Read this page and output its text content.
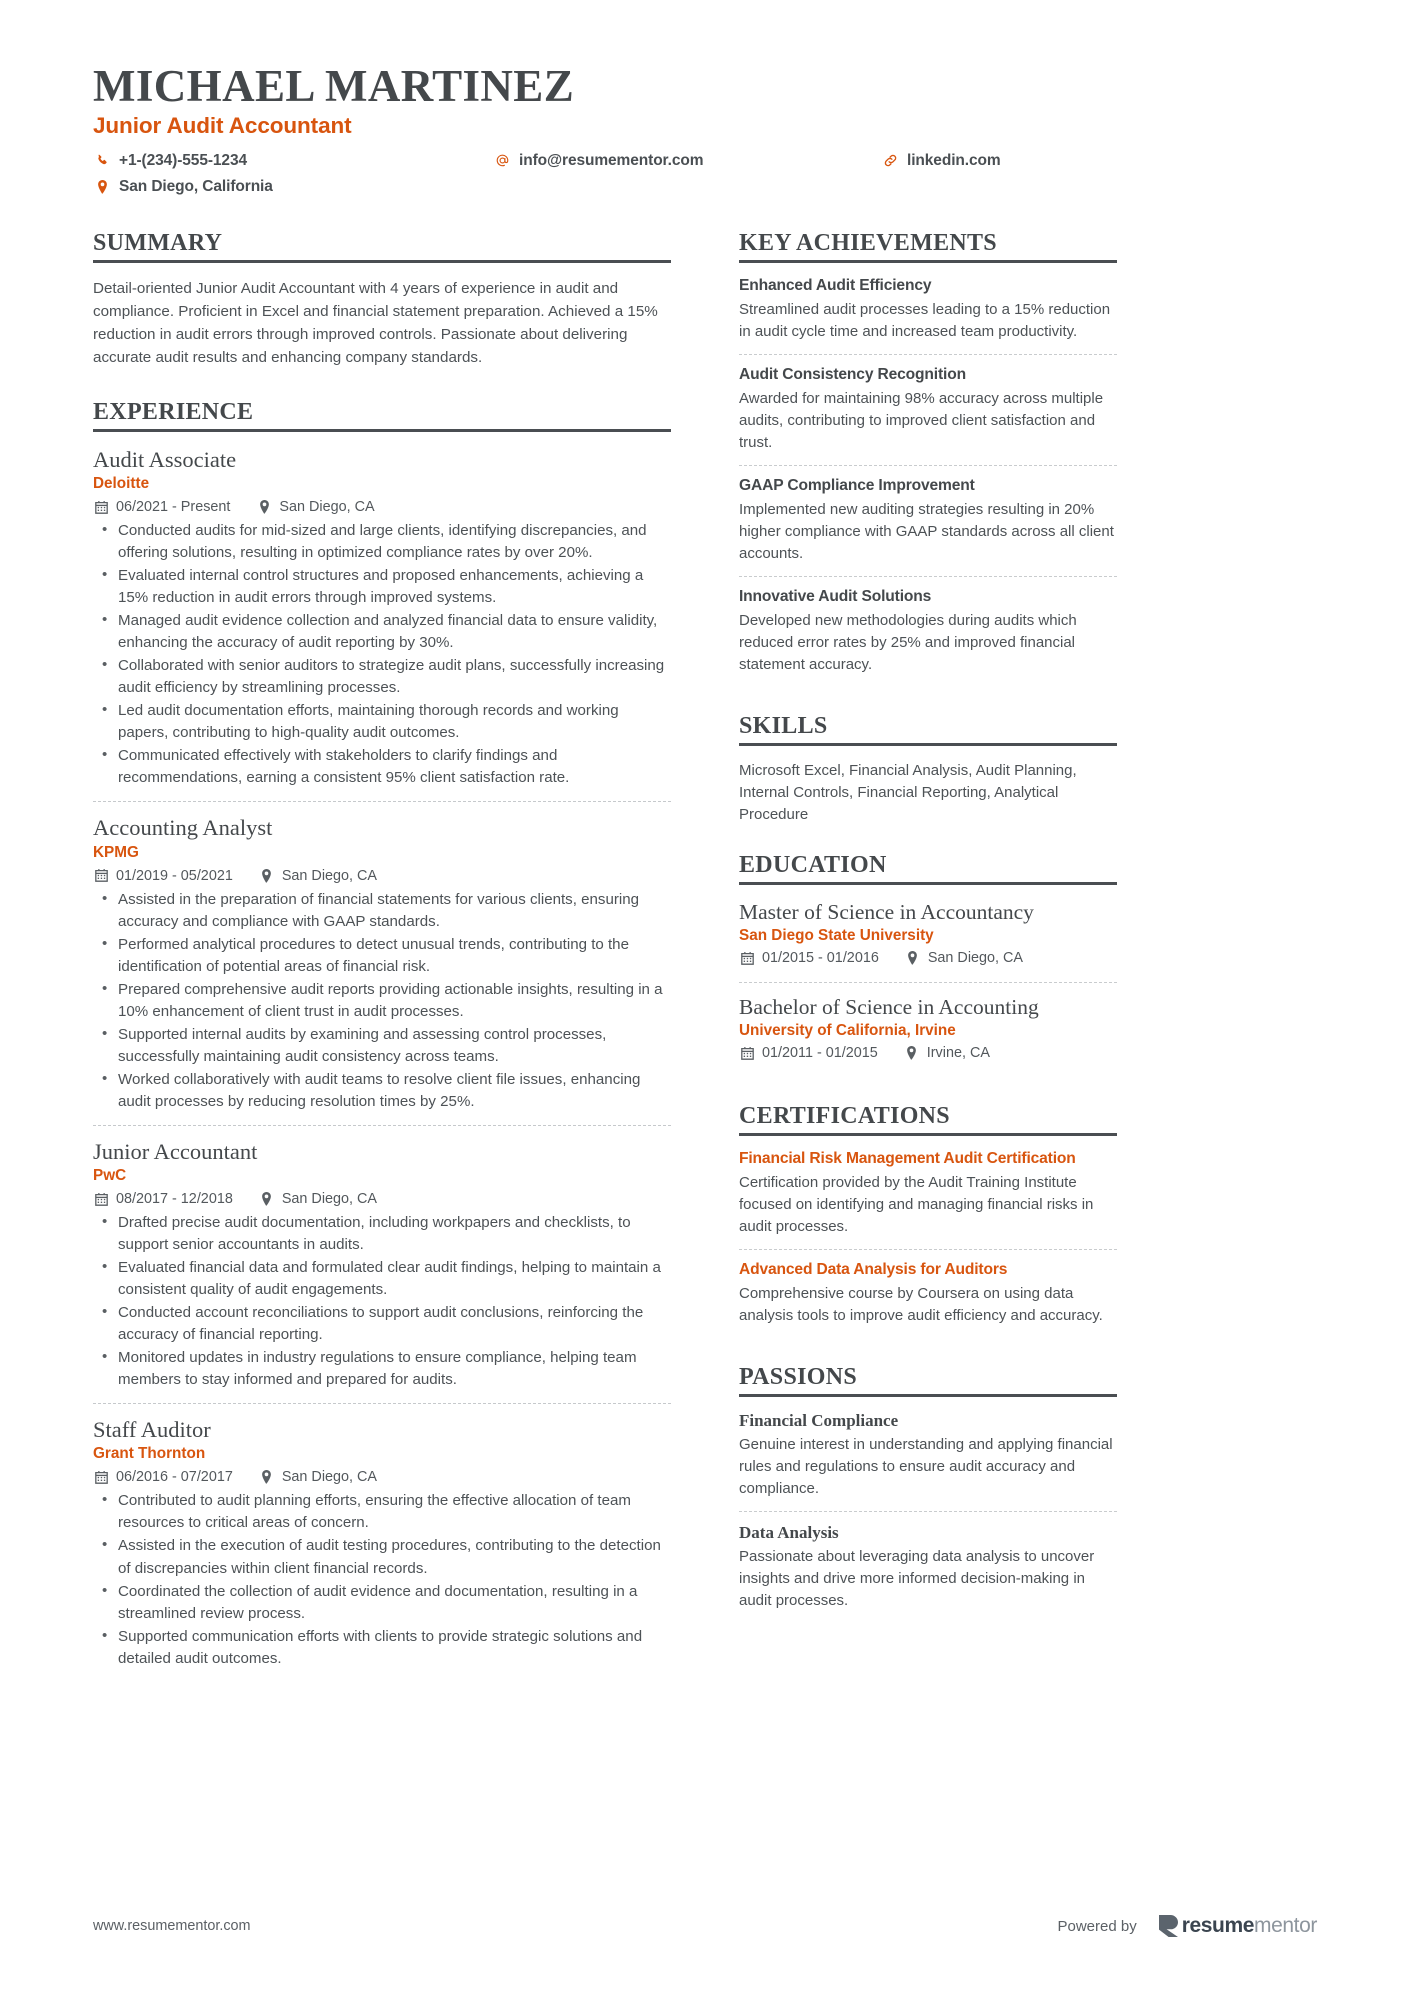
MICHAEL MARTINEZ
Junior Audit Accountant
+1-(234)-555-1234
San Diego, California
info@resumementor.com	linkedin.com
SUMMARY
Detail-oriented Junior Audit Accountant with 4 years of experience in audit and compliance. Proficient in Excel and financial statement preparation. Achieved a 15% reduction in audit errors through improved controls. Passionate about delivering accurate audit results and enhancing company standards.
EXPERIENCE
Audit Associate
Deloitte
06/2021 - Present	San Diego, CA
• Conducted audits for mid-sized and large clients, identifying discrepancies, and offering solutions, resulting in optimized compliance rates by over 20%.
• Evaluated internal control structures and proposed enhancements, achieving a 15% reduction in audit errors through improved systems.
• Managed audit evidence collection and analyzed financial data to ensure validity, enhancing the accuracy of audit reporting by 30%.
• Collaborated with senior auditors to strategize audit plans, successfully increasing audit efficiency by streamlining processes.
• Led audit documentation efforts, maintaining thorough records and working papers, contributing to high-quality audit outcomes.
• Communicated effectively with stakeholders to clarify findings and recommendations, earning a consistent 95% client satisfaction rate.
Accounting Analyst
KPMG
01/2019 - 05/2021	San Diego, CA
• Assisted in the preparation of financial statements for various clients, ensuring accuracy and compliance with GAAP standards.
• Performed analytical procedures to detect unusual trends, contributing to the identification of potential areas of financial risk.
• Prepared comprehensive audit reports providing actionable insights, resulting in a 10% enhancement of client trust in audit processes.
• Supported internal audits by examining and assessing control processes, successfully maintaining audit consistency across teams.
• Worked collaboratively with audit teams to resolve client file issues, enhancing audit processes by reducing resolution times by 25%.
Junior Accountant
PwC
08/2017 - 12/2018	San Diego, CA
• Drafted precise audit documentation, including workpapers and checklists, to support senior accountants in audits.
• Evaluated financial data and formulated clear audit findings, helping to maintain a consistent quality of audit engagements.
• Conducted account reconciliations to support audit conclusions, reinforcing the accuracy of financial reporting.
• Monitored updates in industry regulations to ensure compliance, helping team members to stay informed and prepared for audits.
Staff Auditor
Grant Thornton
06/2016 - 07/2017	San Diego, CA
• Contributed to audit planning efforts, ensuring the effective allocation of team resources to critical areas of concern.
• Assisted in the execution of audit testing procedures, contributing to the detection of discrepancies within client financial records.
• Coordinated the collection of audit evidence and documentation, resulting in a streamlined review process.
• Supported communication efforts with clients to provide strategic solutions and detailed audit outcomes.
KEY ACHIEVEMENTS
Enhanced Audit Efficiency
Streamlined audit processes leading to a 15% reduction in audit cycle time and increased team productivity.
Audit Consistency Recognition
Awarded for maintaining 98% accuracy across multiple audits, contributing to improved client satisfaction and trust.
GAAP Compliance Improvement
Implemented new auditing strategies resulting in 20% higher compliance with GAAP standards across all client accounts.
Innovative Audit Solutions
Developed new methodologies during audits which reduced error rates by 25% and improved financial statement accuracy.
SKILLS
Microsoft Excel, Financial Analysis, Audit Planning, Internal Controls, Financial Reporting, Analytical Procedure
EDUCATION
Master of Science in Accountancy
San Diego State University
01/2015 - 01/2016	San Diego, CA
Bachelor of Science in Accounting
University of California, Irvine
01/2011 - 01/2015	Irvine, CA
CERTIFICATIONS
Financial Risk Management Audit Certification
Certification provided by the Audit Training Institute focused on identifying and managing financial risks in audit processes.
Advanced Data Analysis for Auditors
Comprehensive course by Coursera on using data analysis tools to improve audit efficiency and accuracy.
PASSIONS
Financial Compliance
Genuine interest in understanding and applying financial rules and regulations to ensure audit accuracy and compliance.
Data Analysis
Passionate about leveraging data analysis to uncover insights and drive more informed decision-making in audit processes.
www.resumementor.com	Powered by resume mentor
